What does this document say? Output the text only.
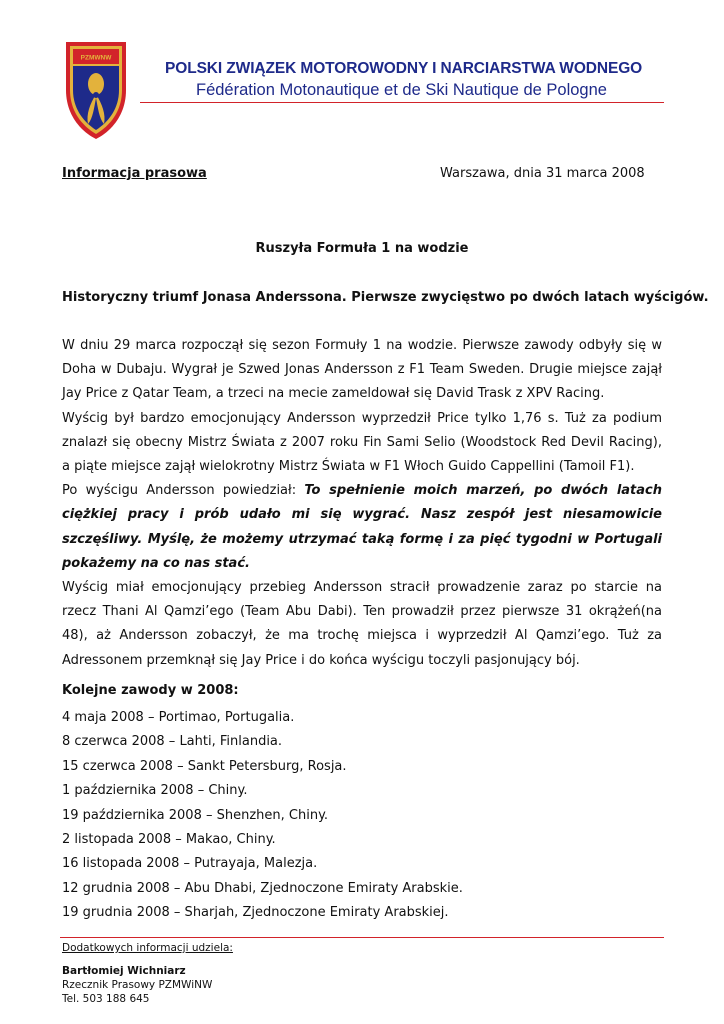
PZMWNW
POLSKI ZWIĄZEK MOTOROWODNY I NARCIARSTWA WODNEGO
Fédération Motonautique et de Ski Nautique de Pologne
Informacja prasowa	Warszawa, dnia 31 marca 2008
Ruszyła Formuła 1 na wodzie
Historyczny triumf Jonasa Anderssona. Pierwsze zwycięstwo po dwóch latach wyścigów.

W dniu 29 marca rozpoczął się sezon Formuły 1 na wodzie. Pierwsze zawody odbyły się w Doha w Dubaju. Wygrał je Szwed Jonas Andersson z F1 Team Sweden. Drugie miejsce zajął Jay Price z Qatar Team, a trzeci na mecie zameldował się David Trask z XPV Racing.

Wyścig był bardzo emocjonujący Andersson wyprzedził Price tylko 1,76 s. Tuż za podium znalazł się obecny Mistrz Świata z 2007 roku Fin Sami Selio (Woodstock Red Devil Racing), a piąte miejsce zajął wielokrotny Mistrz Świata w F1 Włoch Guido Cappellini (Tamoil F1).

Po wyścigu Andersson powiedział: To spełnienie moich marzeń, po dwóch latach ciężkiej pracy i prób udało mi się wygrać. Nasz zespół jest niesamowicie szczęśliwy. Myślę, że możemy utrzymać taką formę i za pięć tygodni w Portugali pokażemy na co nas stać.

Wyścig miał emocjonujący przebieg Andersson stracił prowadzenie zaraz po starcie na rzecz Thani Al Qamzi’ego (Team Abu Dabi). Ten prowadził przez pierwsze 31 okrążeń(na 48), aż Andersson zobaczył, że ma trochę miejsca i wyprzedził Al Qamzi’ego. Tuż za Adressonem przemknął się Jay Price i do końca wyścigu toczyli pasjonujący bój.

Kolejne zawody w 2008:
4 maja 2008 – Portimao, Portugalia.
8 czerwca 2008 – Lahti, Finlandia.
15 czerwca 2008 – Sankt Petersburg, Rosja.
1 października 2008 – Chiny.
19 października 2008 – Shenzhen, Chiny.
2 listopada 2008 – Makao, Chiny.
16 listopada 2008 – Putrayaja, Malezja.
12 grudnia 2008 – Abu Dhabi, Zjednoczone Emiraty Arabskie.
19 grudnia 2008 – Sharjah, Zjednoczone Emiraty Arabskiej.
Dodatkowych informacji udziela:
Bartłomiej Wichniarz
Rzecznik Prasowy PZMWiNW
Tel. 503 188 645
